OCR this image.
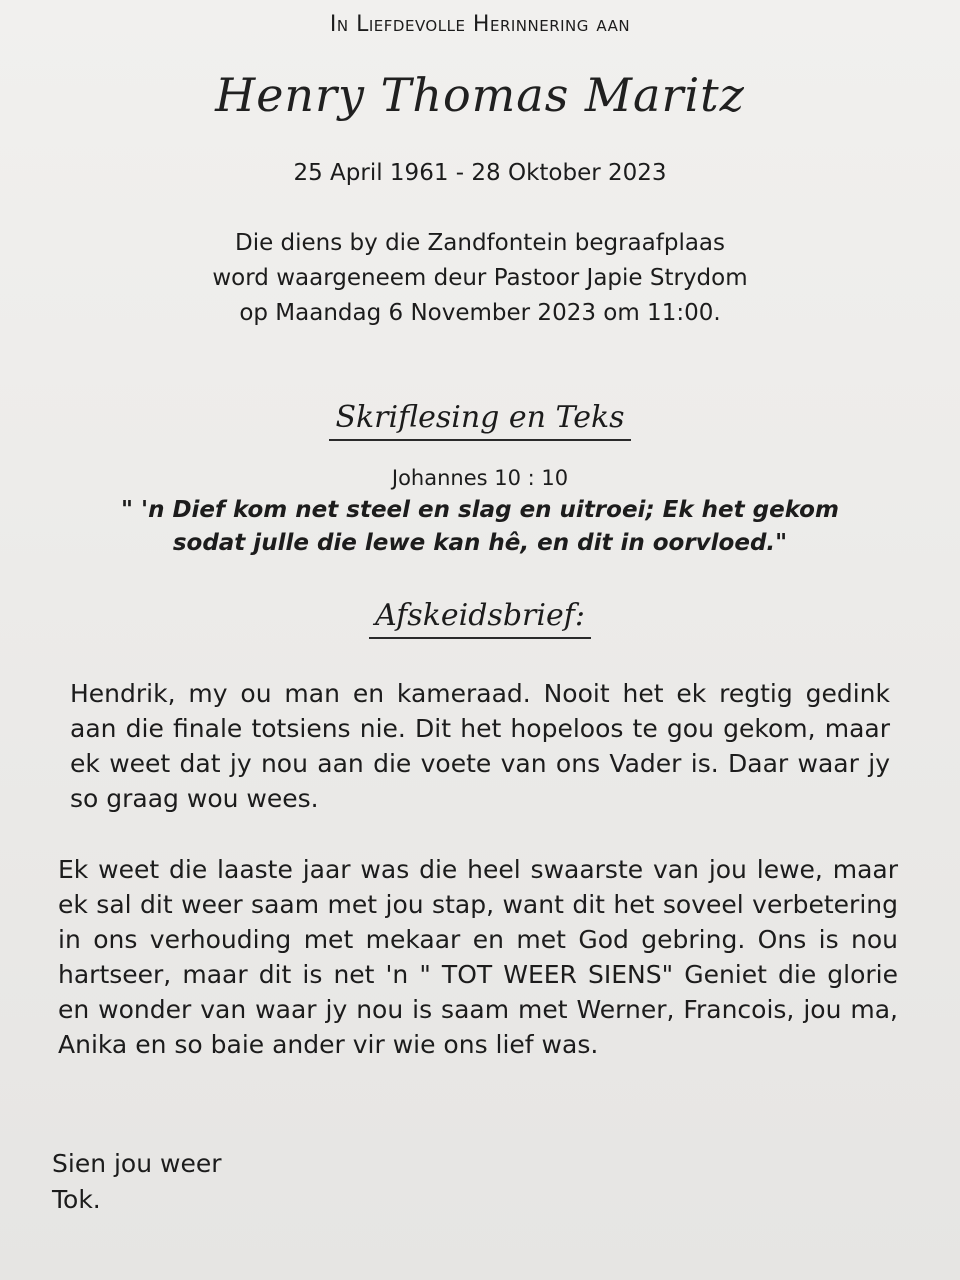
In Liefdevolle Herinnering aan
Henry Thomas Maritz
25 April 1961 - 28 Oktober 2023
Die diens by die Zandfontein begraafplaas
word waargeneem deur Pastoor Japie Strydom
op Maandag 6 November 2023 om 11:00.
Skriflesing en Teks
Johannes 10 : 10
" 'n Dief kom net steel en slag en uitroei; Ek het gekom
sodat julle die lewe kan hê, en dit in oorvloed."
Afskeidsbrief:

Hendrik, my ou man en kameraad. Nooit het ek regtig gedink aan die finale totsiens nie. Dit het hopeloos te gou gekom, maar ek weet dat jy nou aan die voete van ons Vader is. Daar waar jy so graag wou wees.

Ek weet die laaste jaar was die heel swaarste van jou lewe, maar ek sal dit weer saam met jou stap, want dit het soveel verbetering in ons verhouding met mekaar en met God gebring. Ons is nou hartseer, maar dit is net 'n " TOT WEER SIENS" Geniet die glorie en wonder van waar jy nou is saam met Werner, Francois, jou ma, Anika en so baie ander vir wie ons lief was.

Sien jou weer
Tok.
